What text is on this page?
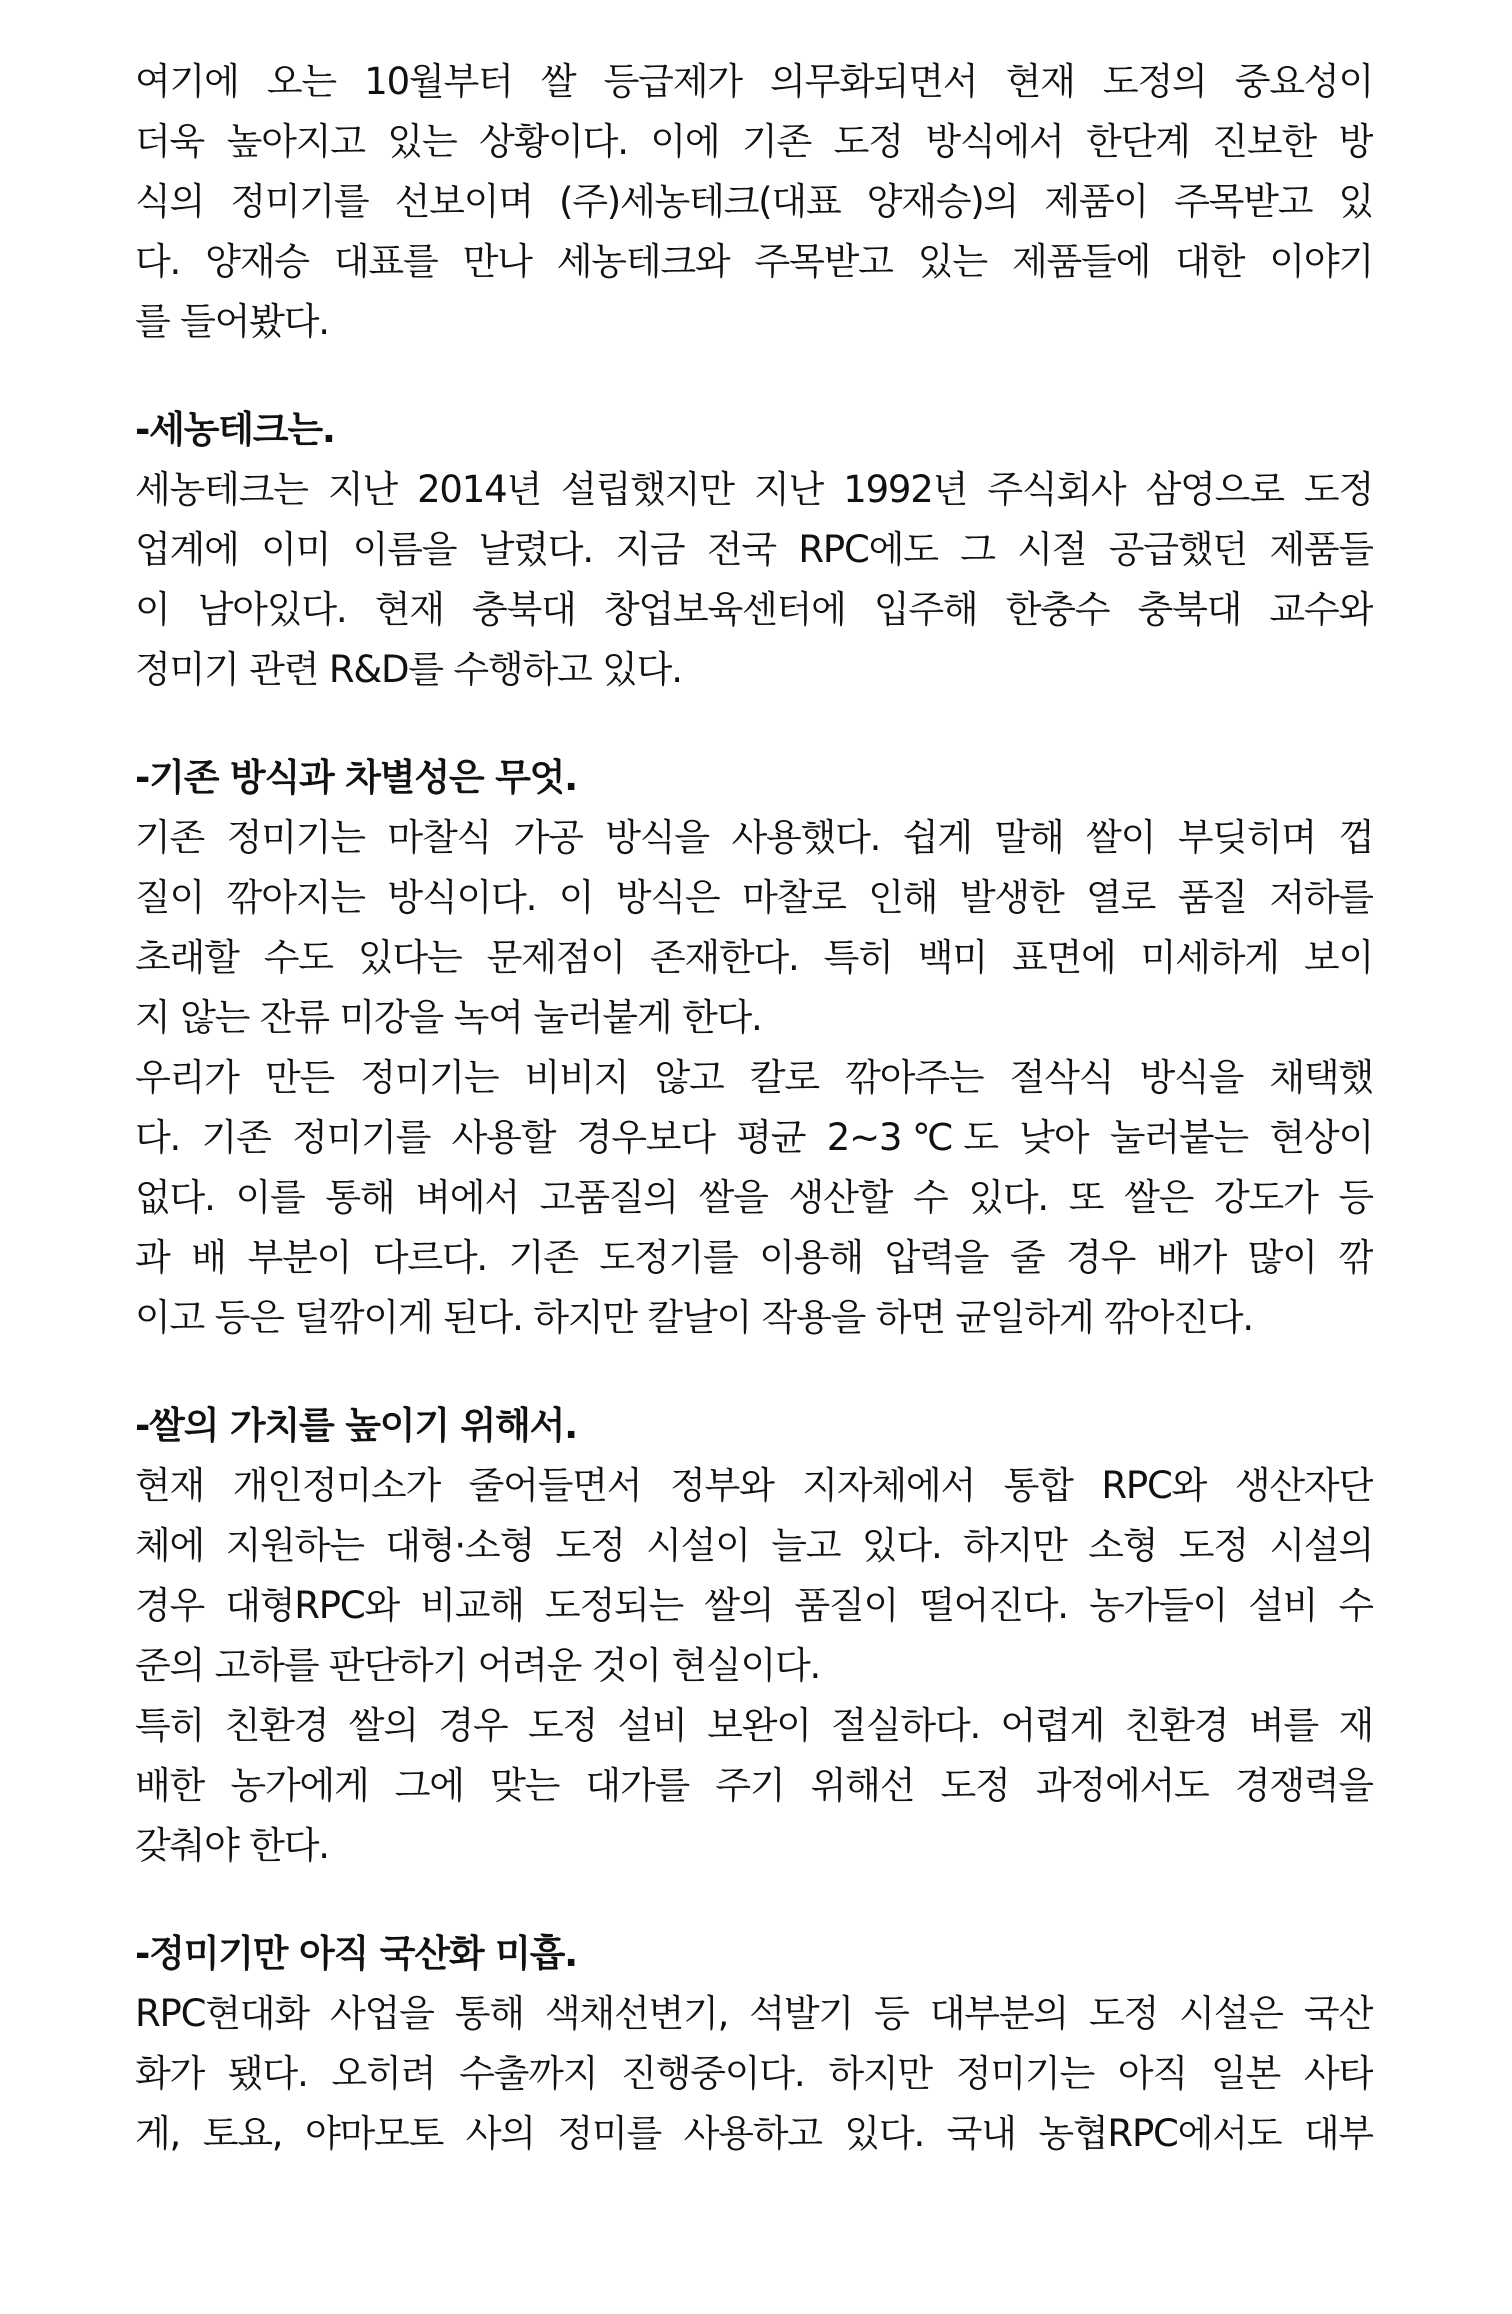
여기에 오는 10월부터 쌀 등급제가 의무화되면서 현재 도정의 중요성이
더욱 높아지고 있는 상황이다. 이에 기존 도정 방식에서 한단계 진보한 방
식의 정미기를 선보이며 (주)세농테크(대표 양재승)의 제품이 주목받고 있
다. 양재승 대표를 만나 세농테크와 주목받고 있는 제품들에 대한 이야기
를 들어봤다.
-세농테크는.
세농테크는 지난 2014년 설립했지만 지난 1992년 주식회사 삼영으로 도정
업계에 이미 이름을 날렸다. 지금 전국 RPC에도 그 시절 공급했던 제품들
이 남아있다. 현재 충북대 창업보육센터에 입주해 한충수 충북대 교수와
정미기 관련 R&D를 수행하고 있다.
-기존 방식과 차별성은 무엇.
기존 정미기는 마찰식 가공 방식을 사용했다. 쉽게 말해 쌀이 부딪히며 껍
질이 깎아지는 방식이다. 이 방식은 마찰로 인해 발생한 열로 품질 저하를
초래할 수도 있다는 문제점이 존재한다. 특히 백미 표면에 미세하게 보이
지 않는 잔류 미강을 녹여 눌러붙게 한다.
우리가 만든 정미기는 비비지 않고 칼로 깎아주는 절삭식 방식을 채택했
다. 기존 정미기를 사용할 경우보다 평균 2~3℃도 낮아 눌러붙는 현상이
없다. 이를 통해 벼에서 고품질의 쌀을 생산할 수 있다. 또 쌀은 강도가 등
과 배 부분이 다르다. 기존 도정기를 이용해 압력을 줄 경우 배가 많이 깎
이고 등은 덜깎이게 된다. 하지만 칼날이 작용을 하면 균일하게 깎아진다.
-쌀의 가치를 높이기 위해서.
현재 개인정미소가 줄어들면서 정부와 지자체에서 통합 RPC와 생산자단
체에 지원하는 대형·소형 도정 시설이 늘고 있다. 하지만 소형 도정 시설의
경우 대형RPC와 비교해 도정되는 쌀의 품질이 떨어진다. 농가들이 설비 수
준의 고하를 판단하기 어려운 것이 현실이다.
특히 친환경 쌀의 경우 도정 설비 보완이 절실하다. 어렵게 친환경 벼를 재
배한 농가에게 그에 맞는 대가를 주기 위해선 도정 과정에서도 경쟁력을
갖춰야 한다.
-정미기만 아직 국산화 미흡.
RPC현대화 사업을 통해 색채선변기, 석발기 등 대부분의 도정 시설은 국산
화가 됐다. 오히려 수출까지 진행중이다. 하지만 정미기는 아직 일본 사타
게, 토요, 야마모토 사의 정미를 사용하고 있다. 국내 농협RPC에서도 대부
